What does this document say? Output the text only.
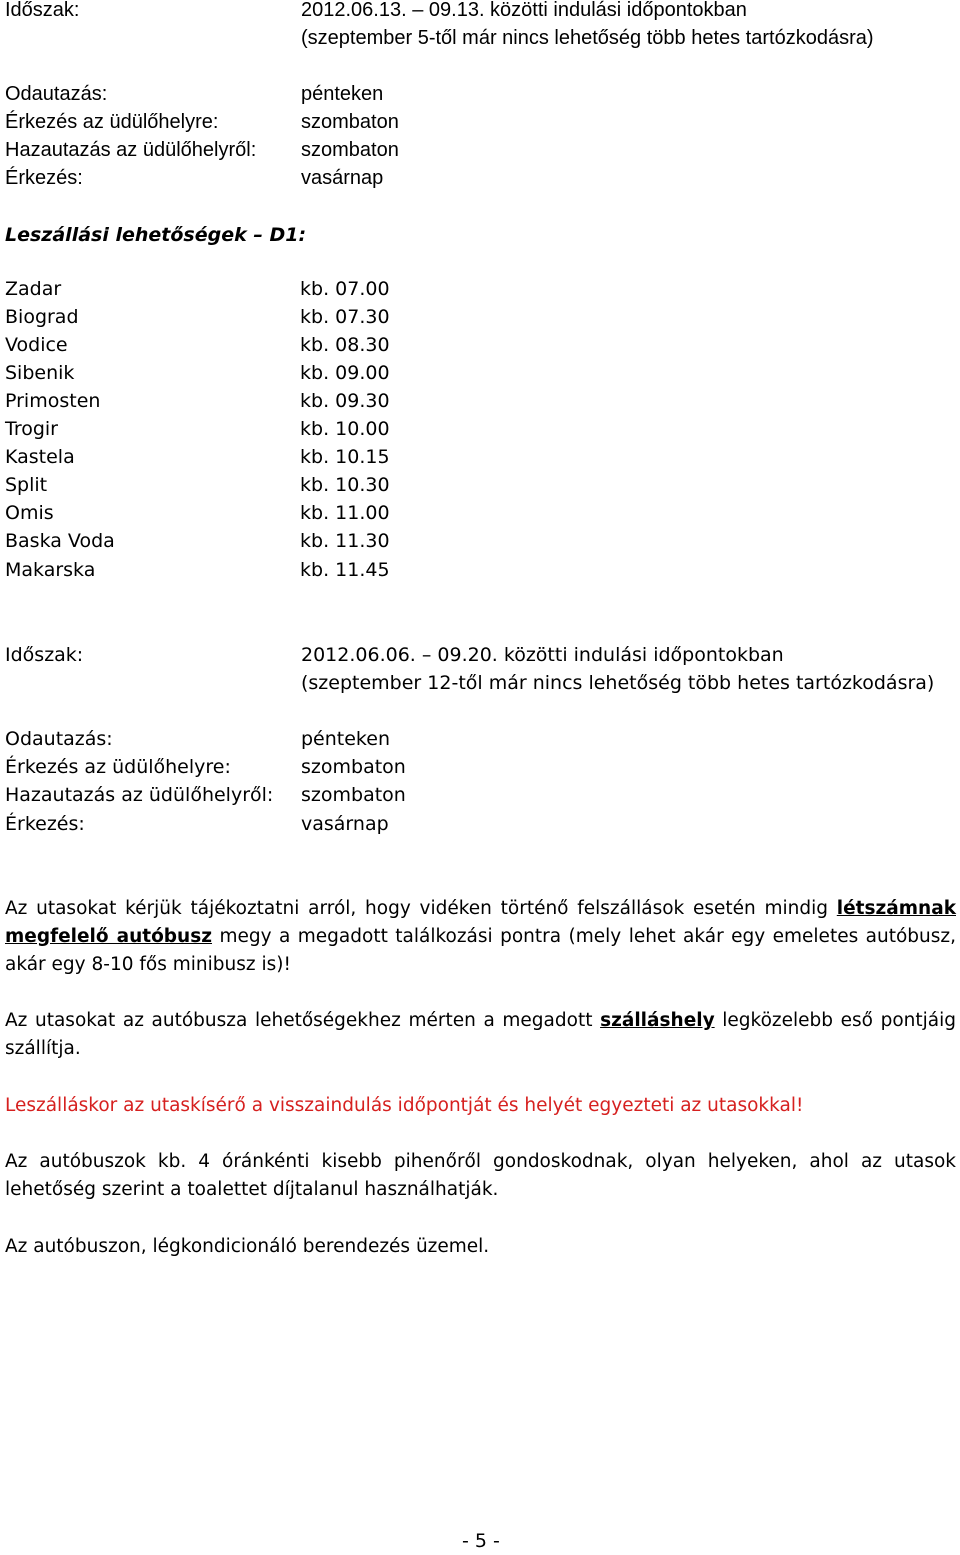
Időszak:	2012.06.13. – 09.13. közötti indulási időpontokban
(szeptember 5-től már nincs lehetőség több hetes tartózkodásra)
Odautazás:	pénteken
Érkezés az üdülőhelyre:	szombaton
Hazautazás az üdülőhelyről: szombaton
Érkezés:	vasárnap
Leszállási lehetőségek – D1:
Zadar	kb. 07.00
Biograd	kb. 07.30
Vodice	kb. 08.30
Sibenik	kb. 09.00
Primosten	kb. 09.30
Trogir	kb. 10.00
Kastela	kb. 10.15
Split	kb. 10.30
Omis	kb. 11.00
Baska Voda	kb. 11.30
Makarska	kb. 11.45
Időszak:	2012.06.06. – 09.20. közötti indulási időpontokban
(szeptember 12-től már nincs lehetőség több hetes tartózkodásra)
Odautazás:	pénteken
Érkezés az üdülőhelyre:	szombaton
Hazautazás az üdülőhelyről: szombaton
Érkezés:	vasárnap
Az utasokat kérjük tájékoztatni arról, hogy vidéken történő felszállások esetén mindig létszámnak megfelelő autóbusz megy a megadott találkozási pontra (mely lehet akár egy emeletes autóbusz, akár egy 8-10 fős minibusz is)!
Az utasokat az autóbusza lehetőségekhez mérten a megadott szálláshely legközelebb eső pontjáig szállítja.
Leszálláskor az utaskísérő a visszaindulás időpontját és helyét egyezteti az utasokkal!
Az autóbuszok kb. 4 óránkénti kisebb pihenőről gondoskodnak, olyan helyeken, ahol az utasok lehetőség szerint a toalettet díjtalanul használhatják.
Az autóbuszon, légkondicionáló berendezés üzemel.
- 5 -
